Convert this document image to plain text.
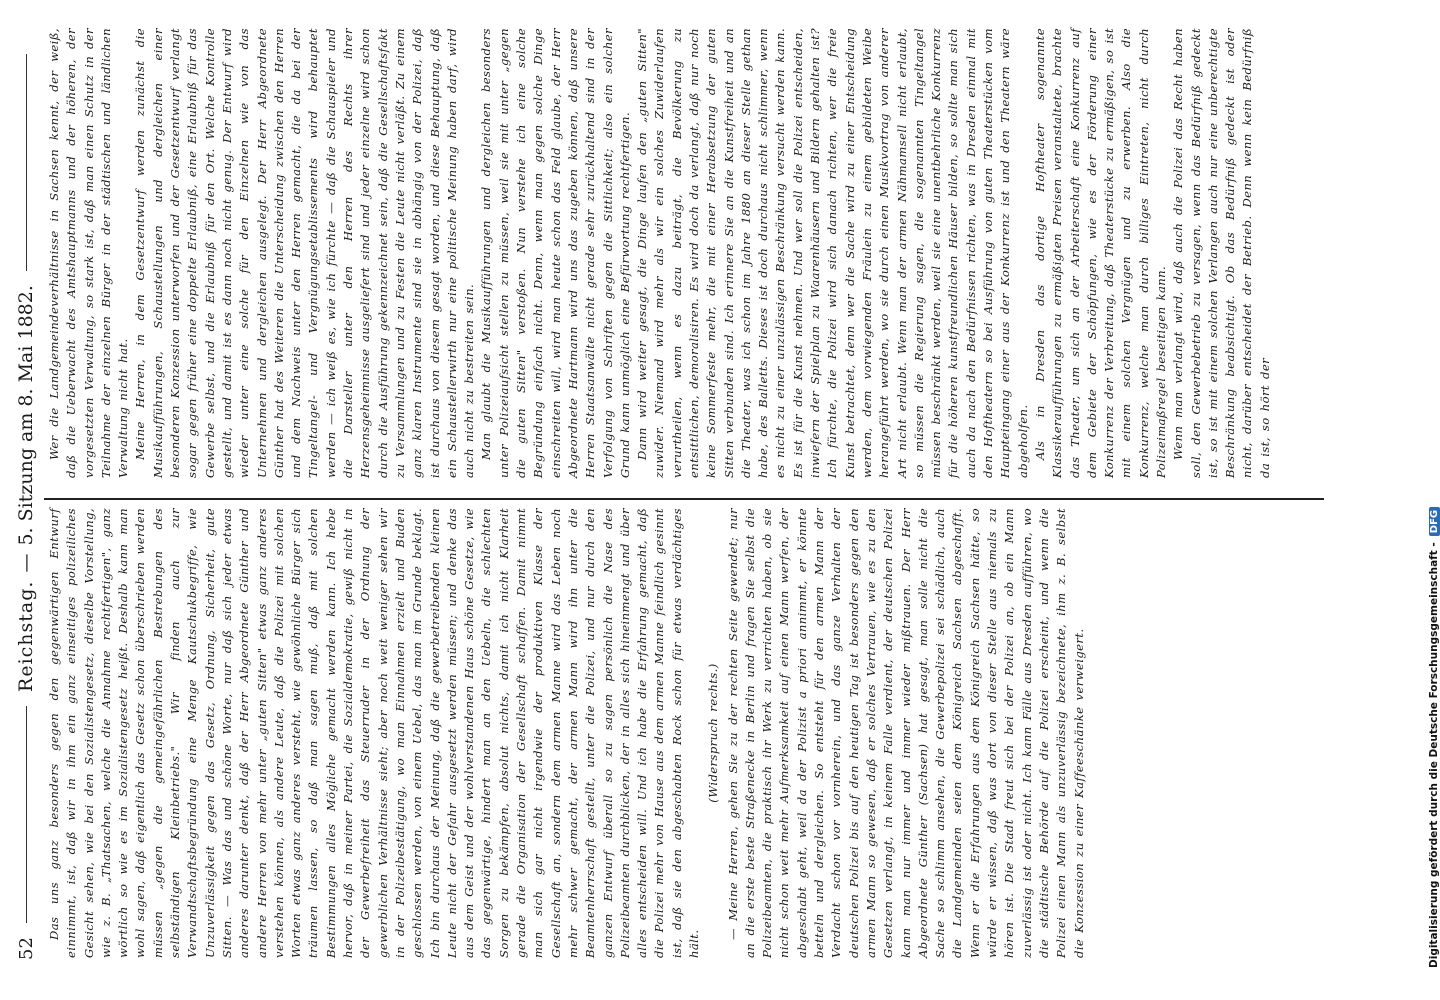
52
Reichstag.
—
5. Sitzung am 8. Mai 1882.

Das uns ganz besonders gegen den gegenwärtigen Entwurf einnimmt, ist, daß wir in ihm ein ganz einseitiges polizeiliches Gesicht sehen, wie bei den Sozialistengesetz, dieselbe Vorstellung, wie z. B. „Thatsachen, welche die Annahme rechtfertigen", ganz wörtlich so wie es im Sozialistengesetz heißt. Deshalb kann man wohl sagen, daß eigentlich das Gesetz schon überschrieben werden müssen „gegen die gemeingefährlichen Bestrebungen des selbständigen Kleinbetriebs." Wir finden auch zur Verwandtschaftsbegründung eine Menge Kautschukbegriffe, wie Unzuverlässigkeit gegen das Gesetz, Ordnung, Sicherheit, gute Sitten. — Was das und schöne Worte, nur daß sich jeder etwas anderes darunter denkt, daß der Herr Abgeordnete Günther und andere Herren von mehr unter „guten Sitten" etwas ganz anderes verstehen können, als andere Leute, daß die Polizei mit solchen Worten etwas ganz anderes versteht, wie gewöhnliche Bürger sich träumen lassen, so daß man sagen muß, daß mit solchen Bestimmungen alles Mögliche gemacht werden kann. Ich hebe hervor, daß in meiner Partei, die Sozialdemokratie, gewiß nicht in der Gewerbefreiheit das Steuerruder in der Ordnung der gewerblichen Verhältnisse sieht; aber noch weit weniger sehen wir in der Polizeibestätigung, wo man Einnahmen erzielt und Buden geschlossen werden, von einem Uebel, das man im Grunde beklagt. Ich bin durchaus der Meinung, daß die gewerbetreibenden kleinen Leute nicht der Gefahr ausgesetzt werden müssen; und denke das aus dem Geist und der wohlverstandenen Haus schöne Gesetze, wie das gegenwärtige, hindert man an den Uebeln, die schlechten Sorgen zu bekämpfen, absolut nichts, damit ich nicht Klarheit gerade die Organisation der Gesellschaft schaffen. Damit nimmt man sich gar nicht irgendwie der produktiven Klasse der Gesellschaft an, sondern dem armen Manne wird das Leben noch mehr schwer gemacht, der armen Mann wird ihn unter die Beamtenherrschaft gestellt, unter die Polizei, und nur durch den ganzen Entwurf überall so zu sagen persönlich die Nase des Polizeibeamten durchblicken, der in alles sich hineinmengt und über alles entscheiden will. Und ich habe die Erfahrung gemacht, daß die Polizei mehr von Hause aus dem armen Manne feindlich gesinnt ist, daß sie den abgeschabten Rock schon für etwas verdächtiges hält.

(Widerspruch rechts.) — Meine Herren, gehen Sie zu der rechten Seite gewendet; nur an die erste beste Straßenecke in Berlin und fragen Sie selbst die Polizeibeamten, die praktisch ihr Werk zu verrichten haben, ob sie nicht schon weit mehr Aufmerksamkeit auf einen Mann werfen, der abgeschabt geht, weil da der Polizist a priori annimmt, er könnte betteln und dergleichen. So entsteht für den armen Mann der Verdacht schon vor vornherein, und das ganze Verhalten der deutschen Polizei bis auf den heutigen Tag ist besonders gegen den armen Mann so gewesen, daß er solches Vertrauen, wie es zu den Gesetzen verlangt, in keinem Falle verdient, der deutschen Polizei kann man nur immer und immer wieder mißtrauen. Der Herr Abgeordnete Günther (Sachsen) hat gesagt, man solle nicht die Sache so schlimm ansehen, die Gewerbepolizei sei schädlich, auch die Landgemeinden seien dem Königreich Sachsen abgeschafft. Wenn er die Erfahrungen aus dem Königreich Sachsen hätte, so würde er wissen, daß was dort von dieser Stelle aus niemals zu hören ist. Die Stadt freut sich bei der Polizei an, ob ein Mann zuverlässig ist oder nicht. Ich kann Fälle aus Dresden aufführen, wo die städtische Behörde auf die Polizei erscheint, und wenn die Polizei einen Mann als unzuverlässig bezeichnete, ihm z. B. selbst die Konzession zu einer Kaffeeschänke verweigert.

Wer die Landgemeindeverhältnisse in Sachsen kennt, der weiß, daß die Ueberwacht des Amtshauptmanns und der höheren, der vorgesetzten Verwaltung, so stark ist, daß man einen Schutz in der Teilnahme der einzelnen Bürger in der städtischen und ländlichen Verwaltung nicht hat. Meine Herren, in dem Gesetzentwurf werden zunächst die Musikaufführungen, Schaustellungen und dergleichen einer besonderen Konzession unterworfen und der Gesetzentwurf verlangt sogar gegen früher eine doppelte Erlaubniß, eine Erlaubniß für das Gewerbe selbst, und die Erlaubniß für den Ort. Welche Kontrolle gestellt, und damit ist es dann noch nicht genug. Der Entwurf wird wieder unter eine solche für den Einzelnen wie von das Unternehmen und dergleichen ausgelegt. Der Herr Abgeordnete Günther hat des Weiteren die Unterscheidung zwischen den Herren und dem Nachweis unter den Herren gemacht, die da bei der Tingeltangel- und Vergnügungsetablissements wird behauptet werden — ich weiß es, wie ich fürchte — daß die Schauspieler und die Darsteller unter den Herren des Rechts ihrer Herzensgeheimnisse ausgeliefert sind und jeder einzelne wird schon durch die Ausführung gekennzeichnet sein, daß die Gesellschaftsfakt zu Versammlungen und zu Festen die Leute nicht verläßt. Zu einem ganz klaren Instrumente sind sie in abhängig von der Polizei, daß ist durchaus von diesem gesagt worden, und diese Behauptung, daß ein Schaustellerwirth nur eine politische Meinung haben darf, wird auch nicht zu bestreiten sein. Man glaubt die Musikaufführungen und dergleichen besonders unter Polizeiaufsicht stellen zu müssen, weil sie mit unter „gegen die guten Sitten" verstoßen. Nun verstehe ich eine solche Begründung einfach nicht. Denn, wenn man gegen solche Dinge einschreiten will, wird man heute schon das Feld glaube, der Herr Abgeordnete Hartmann wird uns das zugeben können, daß unsere Herren Staatsanwälte nicht gerade sehr zurückhaltend sind in der Verfolgung von Schriften gegen die Sittlichkeit; also ein solcher Grund kann unmöglich eine Befürwortung rechtfertigen. Dann wird weiter gesagt, die Dinge laufen den „guten Sitten" zuwider. Niemand wird mehr als wir ein solches Zuwiderlaufen verurtheilen, wenn es dazu beiträgt, die Bevölkerung zu entsittlichen, demoralisiren. Es wird doch da verlangt, daß nur noch keine Sommerfeste mehr, die mit einer Herabsetzung der guten Sitten verbunden sind. Ich erinnere Sie an die Kunstfreiheit und an die Theater, was ich schon im Jahre 1880 an dieser Stelle gethan habe, des Balletts. Dieses ist doch durchaus nicht schlimmer, wenn es nicht zu einer unzulässigen Beschränkung versucht werden kann. Es ist für die Kunst nehmen. Und wer soll die Polizei entscheiden, inwiefern der Spielplan zu Waarenhäusern und Bildern gehalten ist? Ich fürchte, die Polizei wird sich danach richten, wer die freie Kunst betrachtet, denn wer die Sache wird zu einer Entscheidung werden, dem vorwiegenden Fräulein zu einem gebildeten Weibe herangeführt werden, wo sie durch einen Musikvortrag von anderer Art nicht erlaubt. Wenn man der armen Nähmamsell nicht erlaubt, so müssen die Regierung sagen, die sogenannten Tingeltangel müssen beschränkt werden, weil sie eine unentbehrliche Konkurrenz für die höheren kunstfreundlichen Häuser bilden, so sollte man sich auch da nach den Bedürfnissen richten, was in Dresden einmal mit den Hoftheatern so bei Ausführung von guten Theaterstücken vom Haupteingang einer aus der Konkurrenz ist und den Theatern wäre abgeholfen. Als in Dresden das dortige Hoftheater sogenannte Klassikeraufführungen zu ermäßigten Preisen veranstaltete, brachte das Theater, um sich an der Arbeiterschaft eine Konkurrenz auf dem Gebiete der Schöpfungen, wie es der Förderung einer Konkurrenz der Verbreitung, daß Theaterstücke zu ermäßigen, so ist mit einem solchen Vergnügen und zu erwerben. Also die Konkurrenz, welche man durch billiges Eintreten, nicht durch Polizeimaßregel beseitigen kann. Wenn man verlangt wird, daß auch die Polizei das Recht haben soll, den Gewerbebetrieb zu versagen, wenn das Bedürfniß gedeckt ist, so ist mit einem solchen Verlangen auch nur eine unberechtigte Beschränkung beabsichtigt. Ob das Bedürfniß gedeckt ist oder nicht, darüber entscheidet der Betrieb. Denn wenn kein Bedürfniß da ist, so hört der

Digitalisierung gefördert durch die Deutsche Forschungsgemeinschaft -
DFG
